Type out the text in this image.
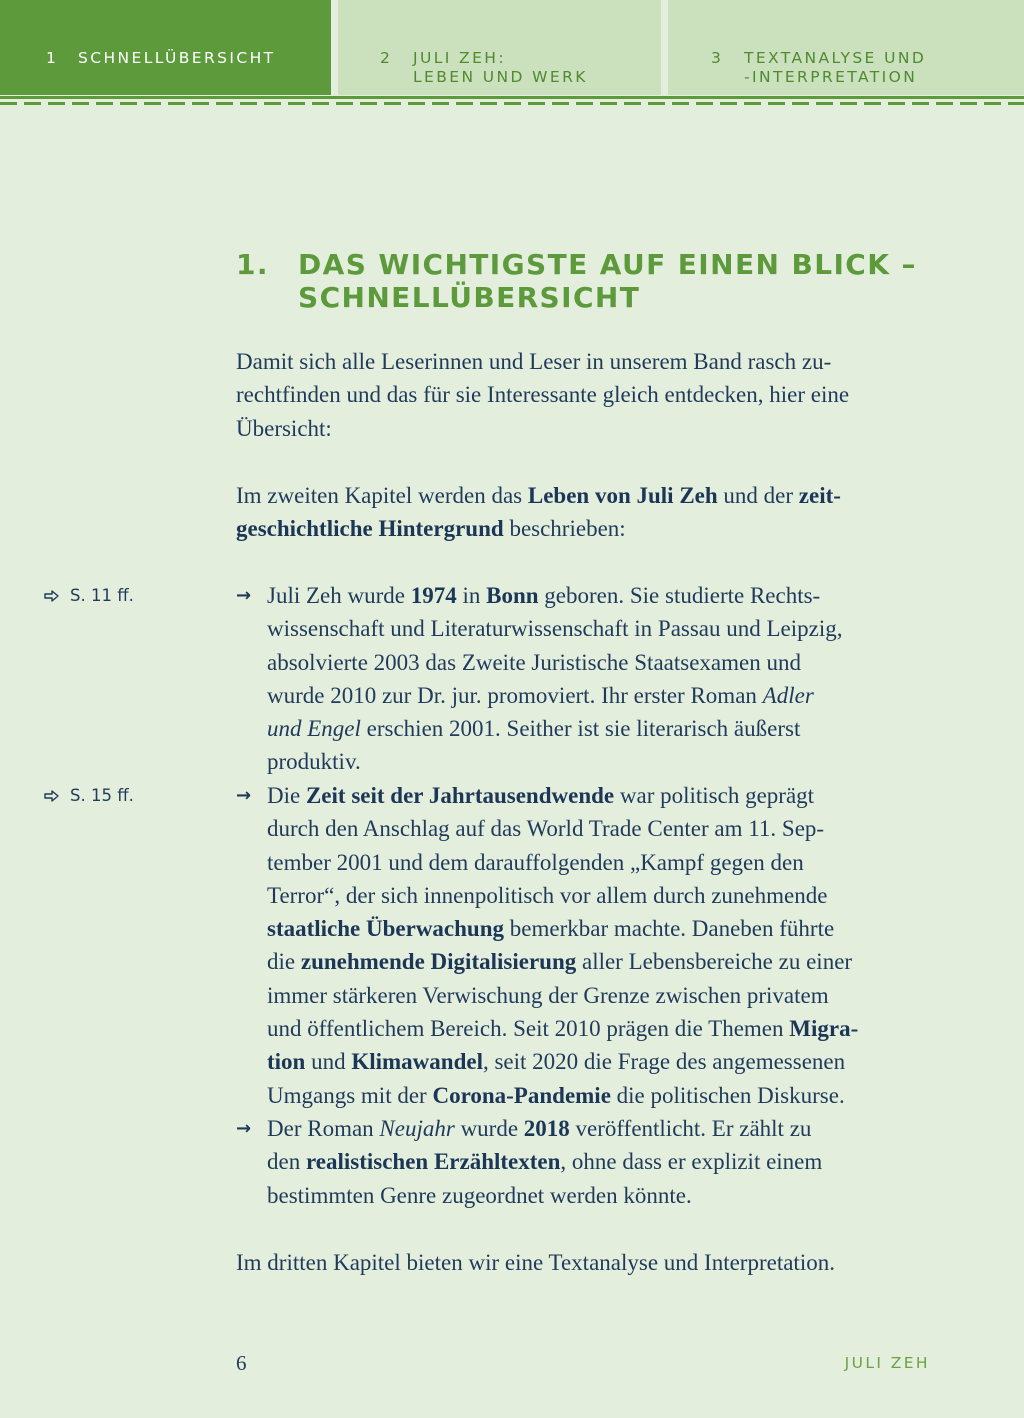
1 SCHNELLÜBERSICHT	2 JULI ZEH:
LEBEN UND WERK
3 TEXTANALYSE UND
-INTERPRETATION
1. DAS WICHTIGSTE AUF EINEN BLICK –
SCHNELLÜBERSICHT

Damit sich alle Leserinnen und Leser in unserem Band rasch zu-
rechtfinden und das für sie Interessante gleich entdecken, hier eine
Übersicht:

Im zweiten Kapitel werden das Leben von Juli Zeh und der zeit-
geschichtliche Hintergrund beschrieben:

S. 11 ff.
S. 15 ff.
→ Juli Zeh wurde 1974 in Bonn geboren. Sie studierte Rechts-
wissenschaft und Literaturwissenschaft in Passau und Leipzig,
absolvierte 2003 das Zweite Juristische Staatsexamen und
wurde 2010 zur Dr. jur. promoviert. Ihr erster Roman Adler
und Engel erschien 2001. Seither ist sie literarisch äußerst
produktiv.
→ Die Zeit seit der Jahrtausendwende war politisch geprägt
durch den Anschlag auf das World Trade Center am 11. Sep-
tember 2001 und dem darauffolgenden „Kampf gegen den
Terror“, der sich innenpolitisch vor allem durch zunehmende
staatliche Überwachung bemerkbar machte. Daneben führte
die zunehmende Digitalisierung aller Lebensbereiche zu einer
immer stärkeren Verwischung der Grenze zwischen privatem
und öffentlichem Bereich. Seit 2010 prägen die Themen Migra-
tion und Klimawandel, seit 2020 die Frage des angemessenen
Umgangs mit der Corona-Pandemie die politischen Diskurse.
→ Der Roman Neujahr wurde 2018 veröffentlicht. Er zählt zu
den realistischen Erzähltexten, ohne dass er explizit einem
bestimmten Genre zugeordnet werden könnte.

Im dritten Kapitel bieten wir eine Textanalyse und Interpretation.

6	JULI ZEH
